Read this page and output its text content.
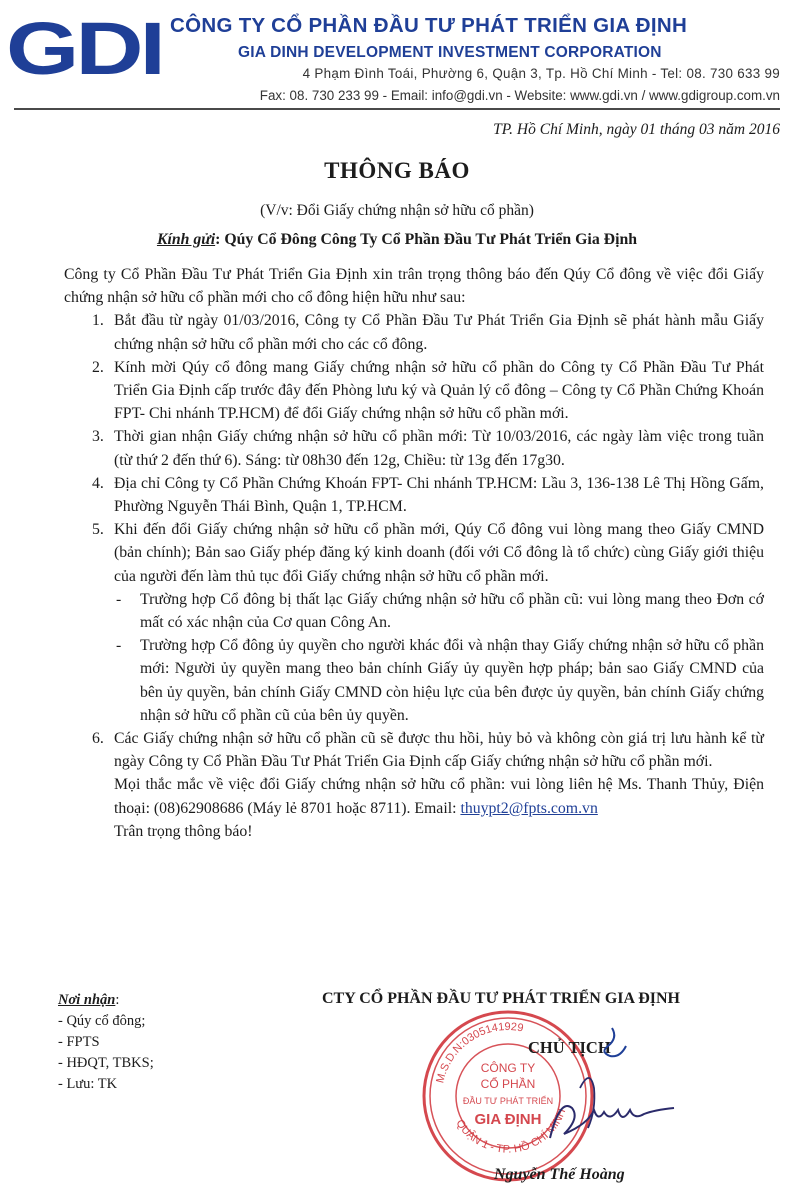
GDI CÔNG TY CỔ PHẦN ĐẦU TƯ PHÁT TRIỂN GIA ĐỊNH
GIA DINH DEVELOPMENT INVESTMENT CORPORATION
4 Phạm Đình Toái, Phường 6, Quận 3, Tp. Hồ Chí Minh - Tel: 08. 730 633 99
Fax: 08. 730 233 99 - Email: info@gdi.vn - Website: www.gdi.vn / www.gdigroup.com.vn
TP. Hồ Chí Minh, ngày 01 tháng 03 năm 2016
THÔNG BÁO
(V/v: Đổi Giấy chứng nhận sở hữu cổ phần)
Kính gửi: Qúy Cổ Đông Công Ty Cổ Phần Đầu Tư Phát Triển Gia Định
Công ty Cổ Phần Đầu Tư Phát Triển Gia Định xin trân trọng thông báo đến Qúy Cổ đông về việc đổi Giấy chứng nhận sở hữu cổ phần mới cho cổ đông hiện hữu như sau:
1. Bắt đầu từ ngày 01/03/2016, Công ty Cổ Phần Đầu Tư Phát Triển Gia Định sẽ phát hành mẫu Giấy chứng nhận sở hữu cổ phần mới cho các cổ đông.
2. Kính mời Qúy cổ đông mang Giấy chứng nhận sở hữu cổ phần do Công ty Cổ Phần Đầu Tư Phát Triển Gia Định cấp trước đây đến Phòng lưu ký và Quản lý cổ đông – Công ty Cổ Phần Chứng Khoán FPT- Chi nhánh TP.HCM) để đổi Giấy chứng nhận sở hữu cổ phần mới.
3. Thời gian nhận Giấy chứng nhận sở hữu cổ phần mới: Từ 10/03/2016, các ngày làm việc trong tuần (từ thứ 2 đến thứ 6). Sáng: từ 08h30 đến 12g, Chiều: từ 13g đến 17g30.
4. Địa chỉ Công ty Cổ Phần Chứng Khoán FPT- Chi nhánh TP.HCM: Lầu 3, 136-138 Lê Thị Hồng Gấm, Phường Nguyễn Thái Bình, Quận 1, TP.HCM.
5. Khi đến đổi Giấy chứng nhận sở hữu cổ phần mới, Qúy Cổ đông vui lòng mang theo Giấy CMND (bản chính); Bản sao Giấy phép đăng ký kinh doanh (đối với Cổ đông là tổ chức) cùng Giấy giới thiệu của người đến làm thủ tục đổi Giấy chứng nhận sở hữu cổ phần mới.
-	Trường hợp Cổ đông bị thất lạc Giấy chứng nhận sở hữu cổ phần cũ: vui lòng mang theo Đơn cớ mất có xác nhận của Cơ quan Công An.
-	Trường hợp Cổ đông ủy quyền cho người khác đổi và nhận thay Giấy chứng nhận sở hữu cổ phần mới: Người ủy quyền mang theo bản chính Giấy ủy quyền hợp pháp; bản sao Giấy CMND của bên ủy quyền, bản chính Giấy CMND còn hiệu lực của bên được ủy quyền, bản chính Giấy chứng nhận sở hữu cổ phần cũ của bên ủy quyền.
6. Các Giấy chứng nhận sở hữu cổ phần cũ sẽ được thu hồi, hủy bỏ và không còn giá trị lưu hành kể từ ngày Công ty Cổ Phần Đầu Tư Phát Triển Gia Định cấp Giấy chứng nhận sở hữu cổ phần mới.
Mọi thắc mắc về việc đổi Giấy chứng nhận sở hữu cổ phần: vui lòng liên hệ Ms. Thanh Thủy, Điện thoại: (08)62908686 (Máy lẻ 8701 hoặc 8711). Email: thuypt2@fpts.com.vn
Trân trọng thông báo!
Nơi nhận:
- Qúy cổ đông;
- FPTS
- HĐQT, TBKS;
- Lưu: TK
CTY CỔ PHẦN ĐẦU TƯ PHÁT TRIỂN GIA ĐỊNH
M.S.D.N:0305141929
QUẬN 1 - TP. HỒ CHÍ MINH
CÔNG TY
CỔ PHẦN
ĐẦU TƯ PHÁT TRIỂN
GIA ĐỊNH
CHỦ TỊCH
Nguyễn Thế Hoàng
